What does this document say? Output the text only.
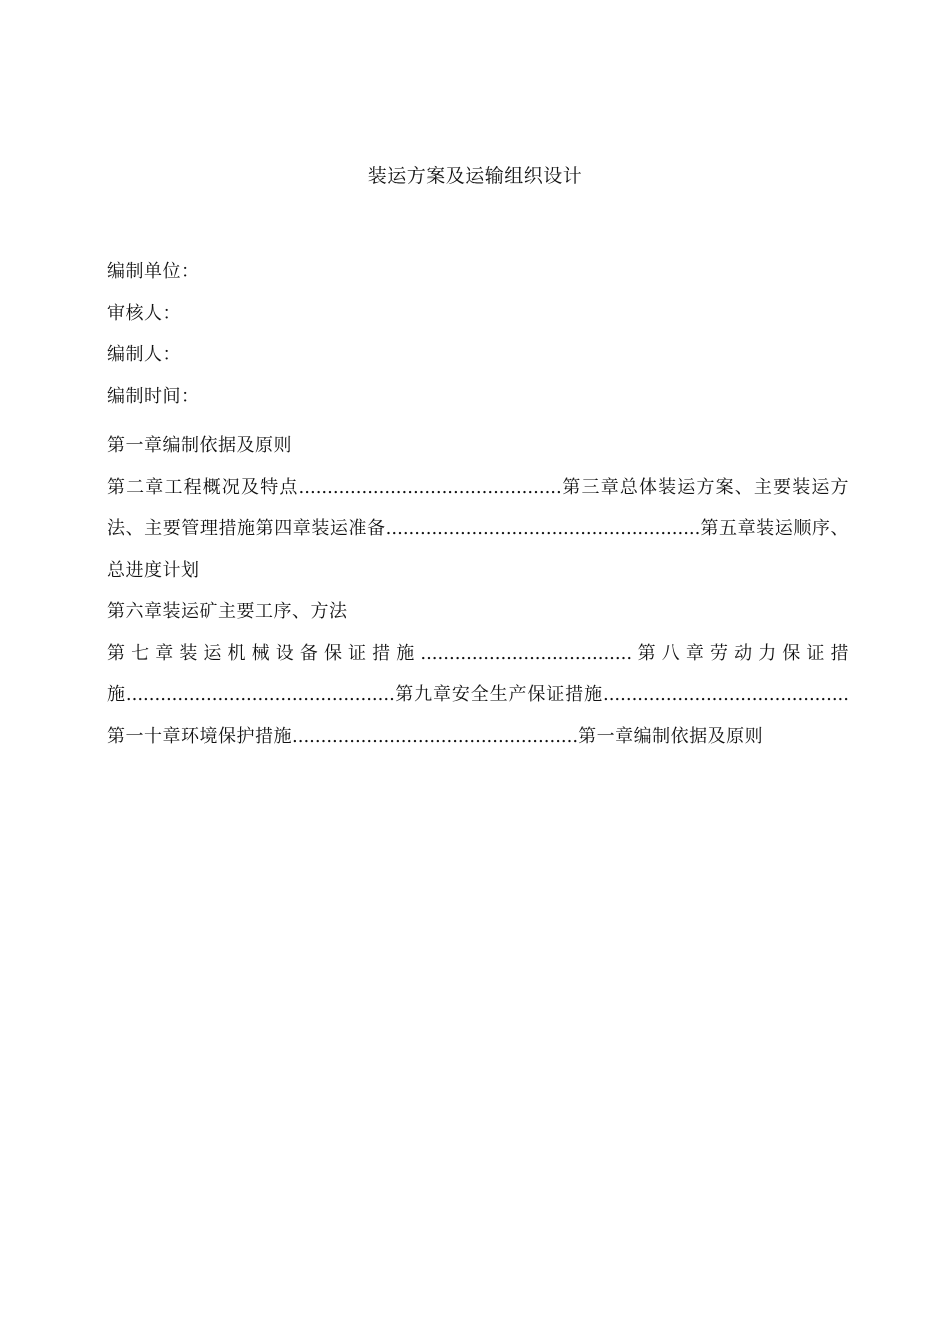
装运方案及运输组织设计
编制单位：
审核人：
编制人：
编制时间：

第一章编制依据及原则

第二章工程概况及特点..............................................第三章总体装运方案、主要装运方法、主要管理措施第四章装运准备.......................................................第五章装运顺序、总进度计划

第六章装运矿主要工序、方法

第七章装运机械设备保证措施.....................................第八章劳动力保证措施...............................................第九章安全生产保证措施...........................................第一十章环境保护措施..................................................第一章编制依据及原则
